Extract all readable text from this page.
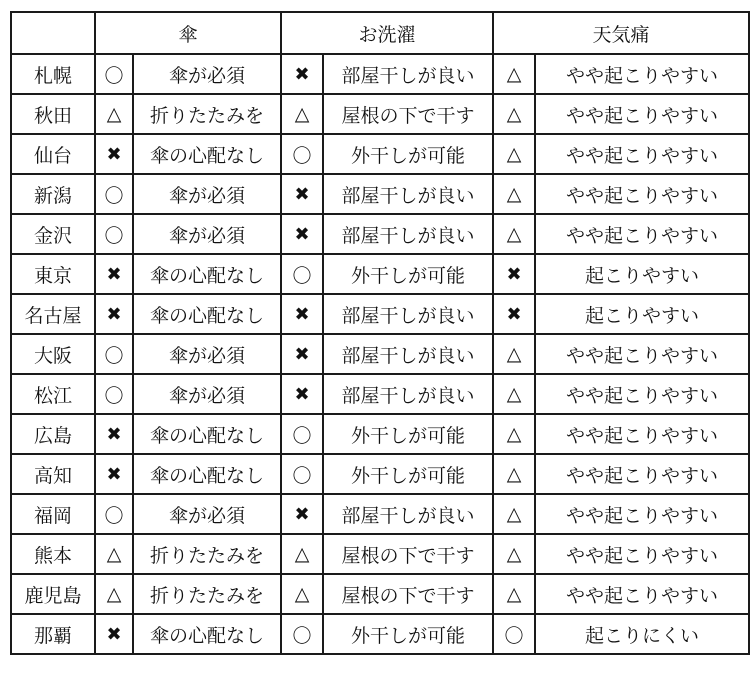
	傘		お洗濯		天気痛	
札幌	〇	傘が必須	✖	部屋干しが良い	△	やや起こりやすい
秋田	△	折りたたみを	△	屋根の下で干す	△	やや起こりやすい
仙台	✖	傘の心配なし	〇	外干しが可能	△	やや起こりやすい
新潟	〇	傘が必須	✖	部屋干しが良い	△	やや起こりやすい
金沢	〇	傘が必須	✖	部屋干しが良い	△	やや起こりやすい
東京	✖	傘の心配なし	〇	外干しが可能	✖	起こりやすい
名古屋	✖	傘の心配なし	✖	部屋干しが良い	✖	起こりやすい
大阪	〇	傘が必須	✖	部屋干しが良い	△	やや起こりやすい
松江	〇	傘が必須	✖	部屋干しが良い	△	やや起こりやすい
広島	✖	傘の心配なし	〇	外干しが可能	△	やや起こりやすい
高知	✖	傘の心配なし	〇	外干しが可能	△	やや起こりやすい
福岡	〇	傘が必須	✖	部屋干しが良い	△	やや起こりやすい
熊本	△	折りたたみを	△	屋根の下で干す	△	やや起こりやすい
鹿児島	△	折りたたみを	△	屋根の下で干す	△	やや起こりやすい
那覇	✖	傘の心配なし	〇	外干しが可能	〇	起こりにくい
